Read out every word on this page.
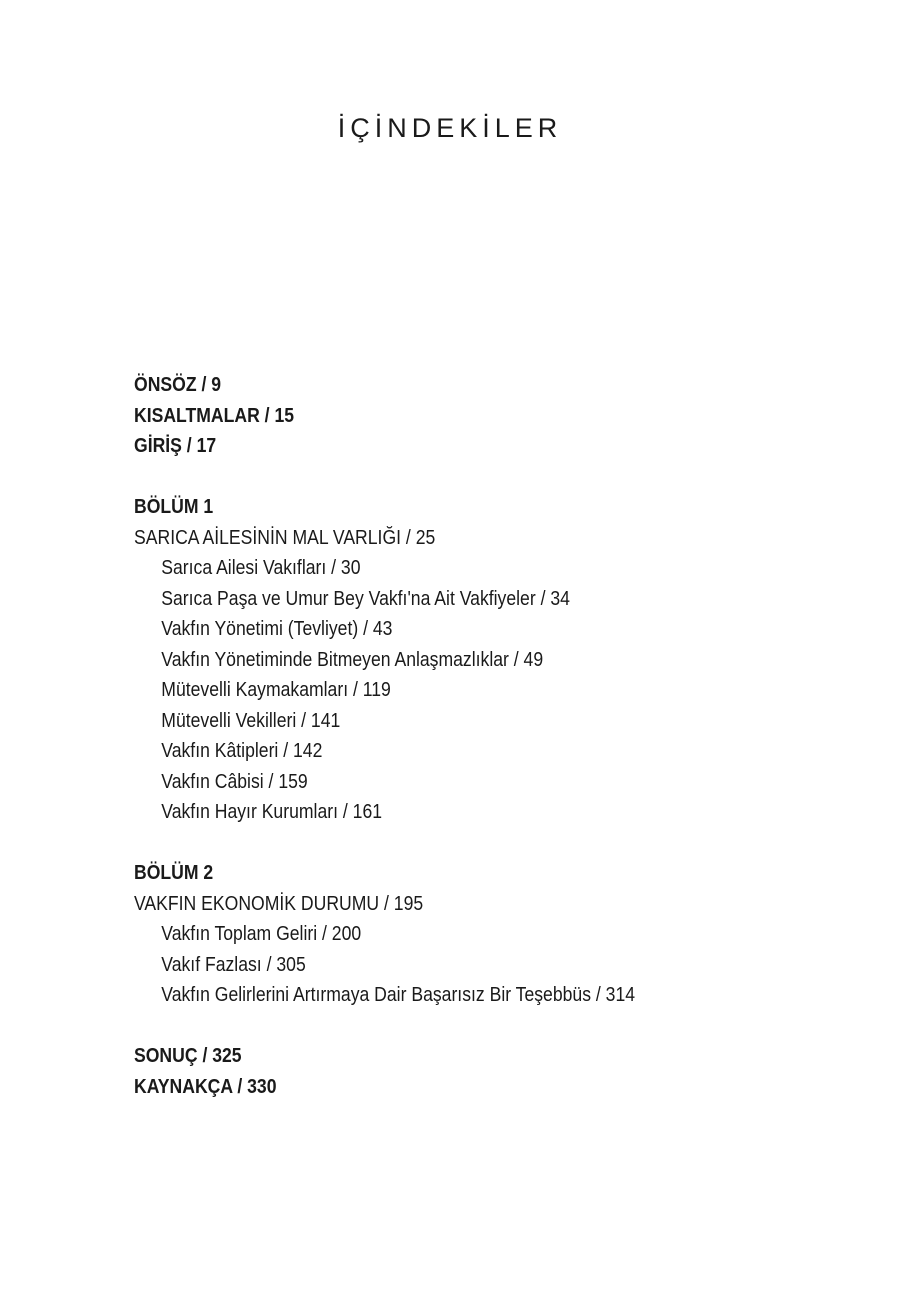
İÇİNDEKİLER
ÖNSÖZ / 9
KISALTMALAR / 15
GİRİŞ / 17
BÖLÜM 1
SARICA AİLESİNİN MAL VARLIĞI / 25
Sarıca Ailesi Vakıfları / 30
Sarıca Paşa ve Umur Bey Vakfı'na Ait Vakfiyeler / 34
Vakfın Yönetimi (Tevliyet) / 43
Vakfın Yönetiminde Bitmeyen Anlaşmazlıklar / 49
Mütevelli Kaymakamları / 119
Mütevelli Vekilleri / 141
Vakfın Kâtipleri / 142
Vakfın Câbisi / 159
Vakfın Hayır Kurumları / 161
BÖLÜM 2
VAKFIN EKONOMİK DURUMU / 195
Vakfın Toplam Geliri / 200
Vakıf Fazlası / 305
Vakfın Gelirlerini Artırmaya Dair Başarısız Bir Teşebbüs / 314
SONUÇ / 325
KAYNAKÇA / 330
